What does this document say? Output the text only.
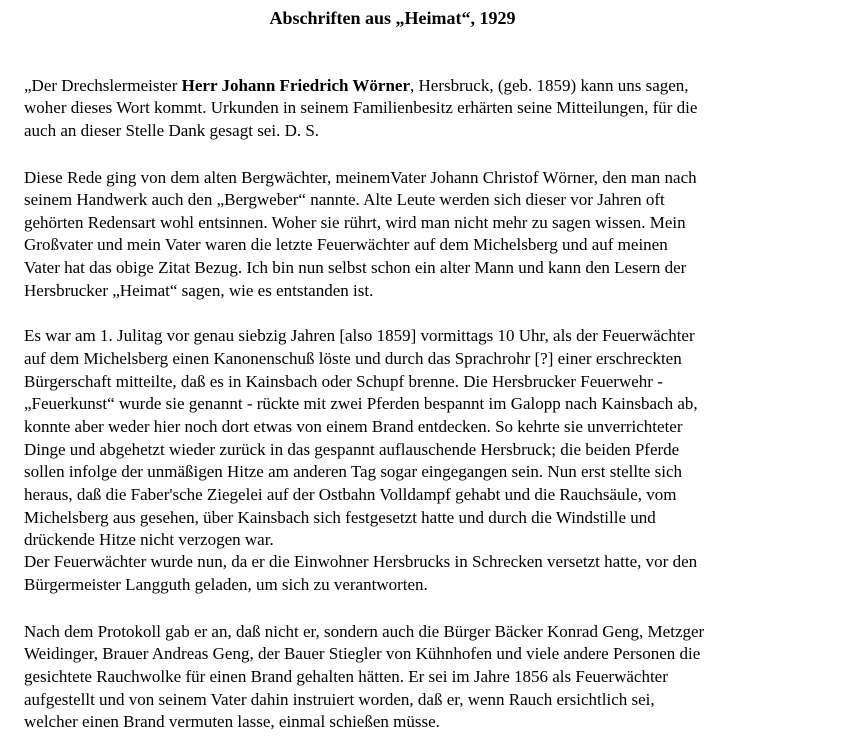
Abschriften aus „Heimat“, 1929

„Der Drechslermeister Herr Johann Friedrich Wörner, Hersbruck, (geb. 1859) kann uns sagen,

woher dieses Wort kommt. Urkunden in seinem Familienbesitz erhärten seine Mitteilungen, für die

auch an dieser Stelle Dank gesagt sei. D. S.

Diese Rede ging von dem alten Bergwächter, meinemVater Johann Christof Wörner, den man nach

seinem Handwerk auch den „Bergweber“ nannte. Alte Leute werden sich dieser vor Jahren oft

gehörten Redensart wohl entsinnen. Woher sie rührt, wird man nicht mehr zu sagen wissen. Mein

Großvater und mein Vater waren die letzte Feuerwächter auf dem Michelsberg und auf meinen

Vater hat das obige Zitat Bezug. Ich bin nun selbst schon ein alter Mann und kann den Lesern der

Hersbrucker „Heimat“ sagen, wie es entstanden ist.

Es war am 1. Julitag vor genau siebzig Jahren [also 1859] vormittags 10 Uhr, als der Feuerwächter

auf dem Michelsberg einen Kanonenschuß löste und durch das Sprachrohr [?] einer erschreckten

Bürgerschaft mitteilte, daß es in Kainsbach oder Schupf brenne. Die Hersbrucker Feuerwehr -

„Feuerkunst“ wurde sie genannt - rückte mit zwei Pferden bespannt im Galopp nach Kainsbach ab,

konnte aber weder hier noch dort etwas von einem Brand entdecken. So kehrte sie unverrichteter

Dinge und abgehetzt wieder zurück in das gespannt auflauschende Hersbruck; die beiden Pferde

sollen infolge der unmäßigen Hitze am anderen Tag sogar eingegangen sein. Nun erst stellte sich

heraus, daß die Faber'sche Ziegelei auf der Ostbahn Volldampf gehabt und die Rauchsäule, vom

Michelsberg aus gesehen, über Kainsbach sich festgesetzt hatte und durch die Windstille und

drückende Hitze nicht verzogen war.

Der Feuerwächter wurde nun, da er die Einwohner Hersbrucks in Schrecken versetzt hatte, vor den

Bürgermeister Langguth geladen, um sich zu verantworten.

Nach dem Protokoll gab er an, daß nicht er, sondern auch die Bürger Bäcker Konrad Geng, Metzger

Weidinger, Brauer Andreas Geng, der Bauer Stiegler von Kühnhofen und viele andere Personen die

gesichtete Rauchwolke für einen Brand gehalten hätten. Er sei im Jahre 1856 als Feuerwächter

aufgestellt und von seinem Vater dahin instruiert worden, daß er, wenn Rauch ersichtlich sei,

welcher einen Brand vermuten lasse, einmal schießen müsse.
